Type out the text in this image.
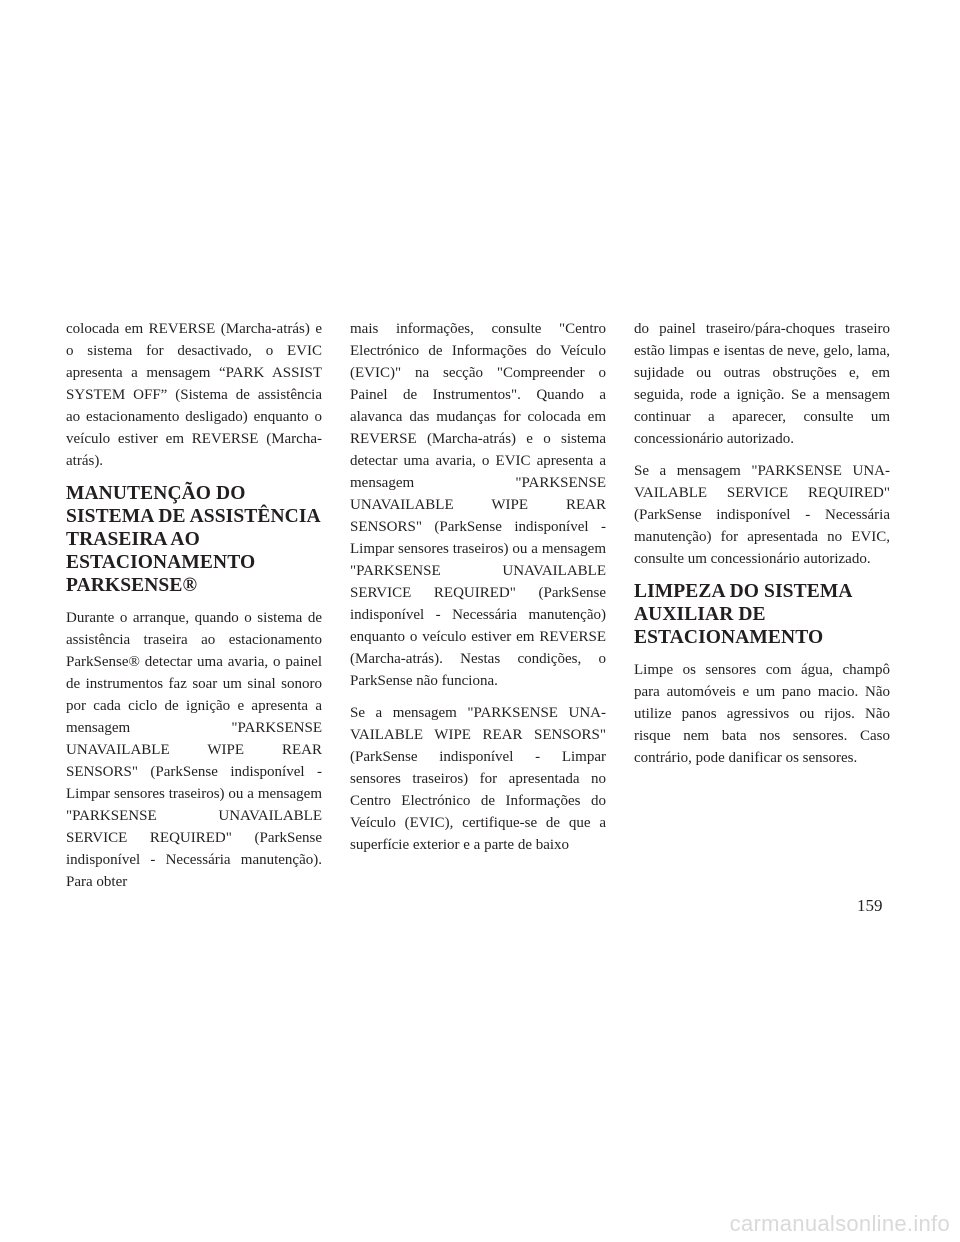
colocada em REVERSE (Marcha-atrás) e o sistema for desactivado, o EVIC apresenta a mensagem “PARK ASSIST SYSTEM OFF” (Sistema de assistência ao estacionamento desligado) enquanto o veículo estiver em REVERSE (Marcha-atrás).

MANUTENÇÃO DO SISTEMA DE ASSISTÊNCIA TRASEIRA AO ESTACIONAMENTO PARKSENSE®

Durante o arranque, quando o sistema de assistência traseira ao estacionamento ParkSense® detectar uma avaria, o painel de instrumentos faz soar um sinal sonoro por cada ciclo de ignição e apresenta a mensagem "PARKSENSE UNAVAILABLE WIPE REAR SENSORS" (ParkSense indisponível - Limpar sensores traseiros) ou a mensagem "PARKSENSE UNAVAILABLE SERVICE REQUIRED" (ParkSense indisponível - Necessária manutenção). Para obter

mais informações, consulte "Centro Electrónico de Informações do Veículo (EVIC)" na secção "Compreender o Painel de Instrumentos". Quando a alavanca das mudanças for colocada em REVERSE (Marcha-atrás) e o sistema detectar uma avaria, o EVIC apresenta a mensagem "PARKSENSE UNAVAILABLE WIPE REAR SENSORS" (ParkSense indisponível - Limpar sensores traseiros) ou a mensagem "PARKSENSE UNAVAILABLE SERVICE REQUIRED" (ParkSense indisponível - Necessária manutenção) enquanto o veículo estiver em REVERSE (Marcha-atrás). Nestas condições, o ParkSense não funciona.

Se a mensagem "PARKSENSE UNAVAILABLE WIPE REAR SENSORS" (ParkSense indisponível - Limpar sensores traseiros) for apresentada no Centro Electrónico de Informações do Veículo (EVIC), certifique-se de que a superfície exterior e a parte de baixo

do painel traseiro/pára-choques traseiro estão limpas e isentas de neve, gelo, lama, sujidade ou outras obstruções e, em seguida, rode a ignição. Se a mensagem continuar a aparecer, consulte um concessionário autorizado.

Se a mensagem "PARKSENSE UNAVAILABLE SERVICE REQUIRED" (ParkSense indisponível - Necessária manutenção) for apresentada no EVIC, consulte um concessionário autorizado.

LIMPEZA DO SISTEMA AUXILIAR DE ESTACIONAMENTO

Limpe os sensores com água, champô para automóveis e um pano macio. Não utilize panos agressivos ou rijos. Não risque nem bata nos sensores. Caso contrário, pode danificar os sensores.

159
carmanualsonline.info
